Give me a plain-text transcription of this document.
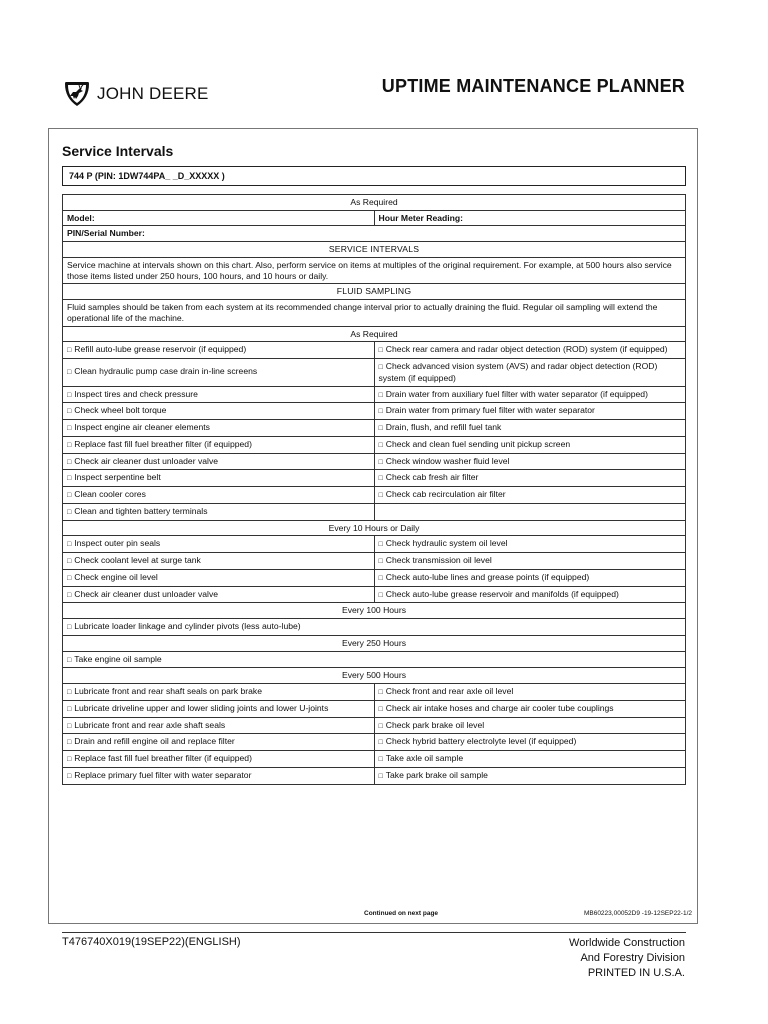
JOHN DEERE	UPTIME MAINTENANCE PLANNER
Service Intervals
744 P (PIN: 1DW744PA_ _D_XXXXX )
As Required	
Model:	Hour Meter Reading:
PIN/Serial Number:	
SERVICE INTERVALS	
Service machine at intervals shown on this chart. Also, perform service on items at multiples of the original requirement. For example, at 500 hours also service those items listed under 250 hours, 100 hours, and 10 hours or daily.	
FLUID SAMPLING	
Fluid samples should be taken from each system at its recommended change interval prior to actually draining the fluid. Regular oil sampling will extend the operational life of the machine.	
As Required	
□ Refill auto-lube grease reservoir (if equipped)	□ Check rear camera and radar object detection (ROD) system (if equipped)
□ Clean hydraulic pump case drain in-line screens	□ Check advanced vision system (AVS) and radar object detection (ROD) system (if equipped)
□ Inspect tires and check pressure	□ Drain water from auxiliary fuel filter with water separator (if equipped)
□ Check wheel bolt torque	□ Drain water from primary fuel filter with water separator
□ Inspect engine air cleaner elements	□ Drain, flush, and refill fuel tank
□ Replace fast fill fuel breather filter (if equipped)	□ Check and clean fuel sending unit pickup screen
□ Check air cleaner dust unloader valve	□ Check window washer fluid level
□ Inspect serpentine belt	□ Check cab fresh air filter
□ Clean cooler cores	□ Check cab recirculation air filter
□ Clean and tighten battery terminals	
Every 10 Hours or Daily	
□ Inspect outer pin seals	□ Check hydraulic system oil level
□ Check coolant level at surge tank	□ Check transmission oil level
□ Check engine oil level	□ Check auto-lube lines and grease points (if equipped)
□ Check air cleaner dust unloader valve	□ Check auto-lube grease reservoir and manifolds (if equipped)
Every 100 Hours	
□ Lubricate loader linkage and cylinder pivots (less auto-lube)	
Every 250 Hours	
□ Take engine oil sample	
Every 500 Hours	
□ Lubricate front and rear shaft seals on park brake	□ Check front and rear axle oil level
□ Lubricate driveline upper and lower sliding joints and lower U-joints	□ Check air intake hoses and charge air cooler tube couplings
□ Lubricate front and rear axle shaft seals	□ Check park brake oil level
□ Drain and refill engine oil and replace filter	□ Check hybrid battery electrolyte level (if equipped)
□ Replace fast fill fuel breather filter (if equipped)	□ Take axle oil sample
□ Replace primary fuel filter with water separator	□ Take park brake oil sample
Continued on next page	MB60223,00052D9 -19-12SEP22-1/2
T476740X019(19SEP22)(ENGLISH)	Worldwide Construction
And Forestry Division
PRINTED IN U.S.A.
